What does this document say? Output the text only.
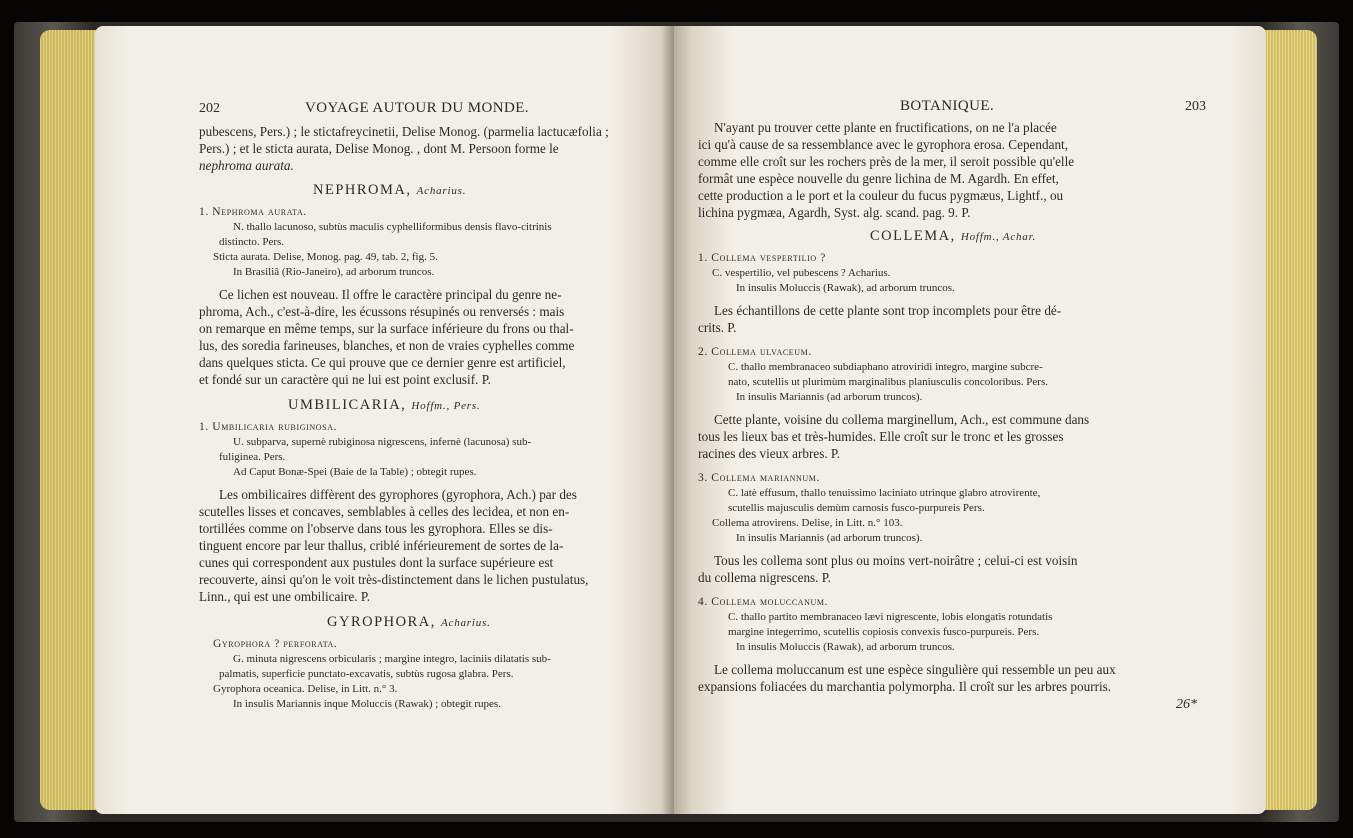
202	VOYAGE AUTOUR DU MONDE.
pubescens, Pers.) ; le stictafreycinetii, Delise Monog. (parmelia lactucæfolia ;
Pers.) ; et le sticta aurata, Delise Monog. , dont M. Persoon forme le
nephroma aurata.
NEPHROMA, Acharius.
1. Nephroma aurata.
N. thallo lacunoso, subtùs maculis cyphelliformibus densis flavo-citrinis
distincto. Pers.
Sticta aurata. Delise, Monog. pag. 49, tab. 2, fig. 5.
In Brasiliâ (Rio-Janeiro), ad arborum truncos.
Ce lichen est nouveau. Il offre le caractère principal du genre ne-
phroma, Ach., c'est-à-dire, les écussons résupinés ou renversés : mais
on remarque en même temps, sur la surface inférieure du frons ou thal-
lus, des soredia farineuses, blanches, et non de vraies cyphelles comme
dans quelques sticta. Ce qui prouve que ce dernier genre est artificiel,
et fondé sur un caractère qui ne lui est point exclusif. P.
UMBILICARIA, Hoffm., Pers.
1. Umbilicaria rubiginosa.
U. subparva, supernè rubiginosa nigrescens, infernè (lacunosa) sub-
fuliginea. Pers.
Ad Caput Bonæ-Spei (Baie de la Table) ; obtegit rupes.
Les ombilicaires diffèrent des gyrophores (gyrophora, Ach.) par des
scutelles lisses et concaves, semblables à celles des lecidea, et non en-
tortillées comme on l'observe dans tous les gyrophora. Elles se dis-
tinguent encore par leur thallus, criblé inférieurement de sortes de la-
cunes qui correspondent aux pustules dont la surface supérieure est
recouverte, ainsi qu'on le voit très-distinctement dans le lichen pustulatus,
Linn., qui est une ombilicaire. P.
GYROPHORA, Acharius.
Gyrophora ? perforata.
G. minuta nigrescens orbicularis ; margine integro, laciniis dilatatis sub-
palmatis, superficie punctato-excavatis, subtùs rugosa glabra. Pers.
Gyrophora oceanica. Delise, in Litt. n.° 3.
In insulis Mariannis inque Moluccis (Rawak) ; obtegit rupes.
BOTANIQUE.	203
N'ayant pu trouver cette plante en fructifications, on ne l'a placée
ici qu'à cause de sa ressemblance avec le gyrophora erosa. Cependant,
comme elle croît sur les rochers près de la mer, il seroit possible qu'elle
formât une espèce nouvelle du genre lichina de M. Agardh. En effet,
cette production a le port et la couleur du fucus pygmæus, Lightf., ou
lichina pygmæa, Agardh, Syst. alg. scand. pag. 9. P.
COLLEMA, Hoffm., Achar.
1. Collema vespertilio ?
C. vespertilio, vel pubescens ? Acharius.
In insulis Moluccis (Rawak), ad arborum truncos.
Les échantillons de cette plante sont trop incomplets pour être dé-
crits. P.
2. Collema ulvaceum.
C. thallo membranaceo subdiaphano atroviridi integro, margine subcre-
nato, scutellis ut plurimùm marginalibus planiusculis concoloribus. Pers.
In insulis Mariannis (ad arborum truncos).
Cette plante, voisine du collema marginellum, Ach., est commune dans
tous les lieux bas et très-humides. Elle croît sur le tronc et les grosses
racines des vieux arbres. P.
3. Collema mariannum.
C. latè effusum, thallo tenuissimo laciniato utrinque glabro atrovirente,
scutellis majusculis demùm carnosis fusco-purpureis Pers.
Collema atrovirens. Delise, in Litt. n.° 103.
In insulis Mariannis (ad arborum truncos).
Tous les collema sont plus ou moins vert-noirâtre ; celui-ci est voisin
du collema nigrescens. P.
4. Collema moluccanum.
C. thallo partito membranaceo lævi nigrescente, lobis elongatis rotundatis
margine integerrimo, scutellis copiosis convexis fusco-purpureis. Pers.
In insulis Moluccis (Rawak), ad arborum truncos.
Le collema moluccanum est une espèce singulière qui ressemble un peu aux
expansions foliacées du marchantia polymorpha. Il croît sur les arbres pourris.
26*
